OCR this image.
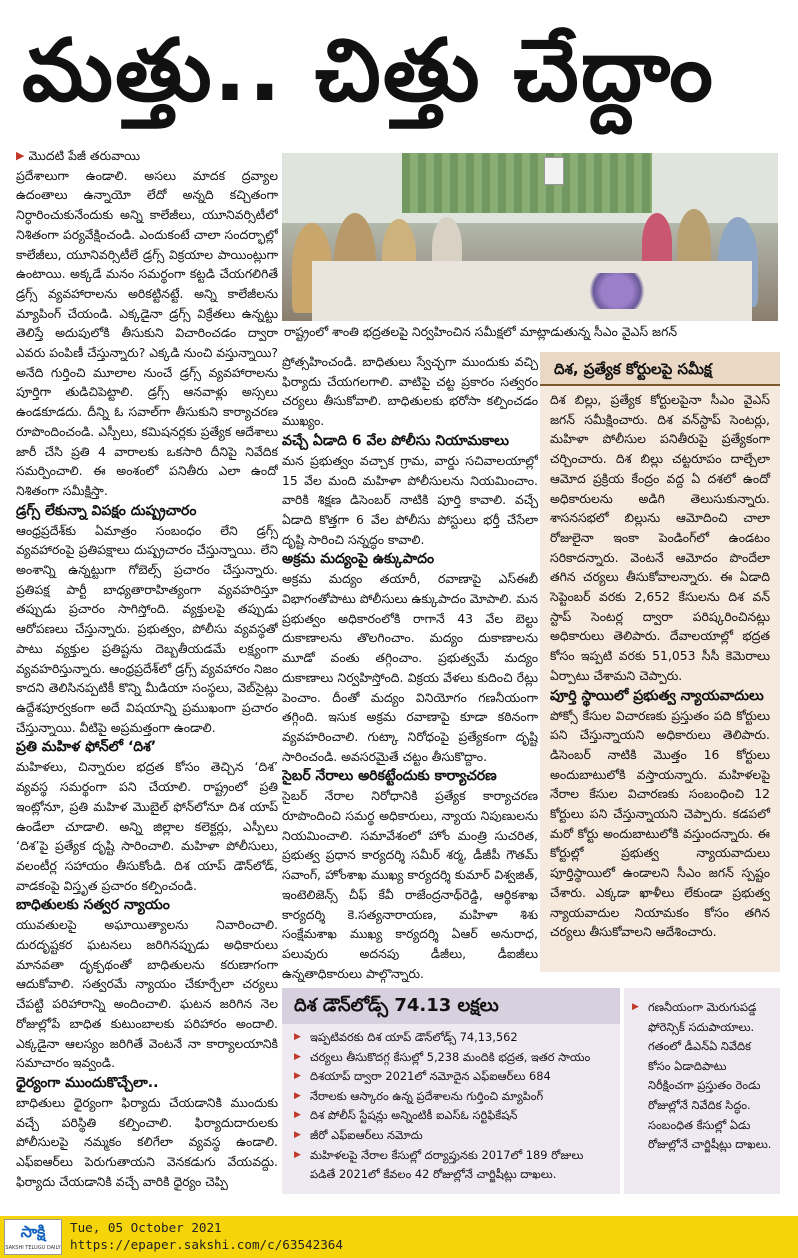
మత్తు.. చిత్తు చేద్దాం
▶ మొదటి పేజీ తరువాయి

ప్రదేశాలుగా ఉండాలి. అసలు మాదక ద్రవ్యాల ఉదంతాలు ఉన్నాయో లేదో అన్నది కచ్చితంగా నిర్ధారించుకునేందుకు అన్ని కాలేజీలు, యూనివర్సిటీలో నిశితంగా పర్యవేక్షించండి. ఎందుకంటే చాలా సందర్భాల్లో కాలేజీలు, యూనివర్సిటీలే డ్రగ్స్‌ విక్రయాల పాయింట్లుగా ఉంటాయి. అక్కడే మనం సమర్థంగా కట్టడి చేయగలిగితే డ్రగ్స్‌ వ్యవహారాలను అరికట్టినట్టే. అన్ని కాలేజీలను మ్యాపింగ్‌ చేయండి. ఎక్కడైనా డ్రగ్స్‌ విక్రేతలు ఉన్నట్టు తెలిస్తే అదుపులోకి తీసుకుని విచారించడం ద్వారా ఎవరు పంపిణీ చేస్తున్నారు? ఎక్కడి నుంచి వస్తున్నాయి? అనేది గుర్తించి మూలాల నుంచే డ్రగ్స్‌ వ్యవహారాలను పూర్తిగా తుడిచిపెట్టాలి. డ్రగ్స్‌ ఆనవాళ్లు అస్సలు ఉండకూడదు. దీన్ని ఓ సవాల్‌గా తీసుకుని కార్యాచరణ రూపొందించండి. ఎస్పీలు, కమిషనర్లకు ప్రత్యేక ఆదేశాలు జారీ చేసి ప్రతి 4 వారాలకు ఒకసారి దీనిపై నివేదిక సమర్పించాలి. ఈ అంశంలో పనితీరు ఎలా ఉందో నిశితంగా సమీక్షిస్తా.

డ్రగ్స్‌ లేకున్నా విపక్షం దుష్ప్రచారం

ఆంధ్రప్రదేశ్‌కు ఏమాత్రం సంబంధం లేని డ్రగ్స్‌ వ్యవహారంపై ప్రతిపక్షాలు దుష్ప్రచారం చేస్తున్నాయి. లేని అంశాన్ని ఉన్నట్టుగా గోబెల్స్‌ ప్రచారం చేస్తున్నారు. ప్రతిపక్ష పార్టీ బాధ్యతారాహిత్యంగా వ్యవహరిస్తూ తప్పుడు ప్రచారం సాగిస్తోంది. వ్యక్తులపై తప్పుడు ఆరోపణలు చేస్తున్నారు. ప్రభుత్వం, పోలీసు వ్యవస్థతో పాటు వ్యక్తుల ప్రతిష్టను దెబ్బతీయడమే లక్ష్యంగా వ్యవహరిస్తున్నారు. ఆంధ్రప్రదేశ్‌లో డ్రగ్స్‌ వ్యవహారం నిజం కాదని తెలిసినప్పటికీ కొన్ని మీడియా సంస్థలు, వెబ్‌సైట్లు ఉద్దేశపూర్వకంగా అదే విషయాన్ని ప్రముఖంగా ప్రచారం చేస్తున్నాయి. వీటిపై అప్రమత్తంగా ఉండాలి.

ప్రతి మహిళ ఫోన్‌లో ‘దిశ’

మహిళలు, చిన్నారుల భద్రత కోసం తెచ్చిన ‘దిశ’ వ్యవస్థ సమర్థంగా పని చేయాలి. రాష్ట్రంలో ప్రతి ఇంట్లోనూ, ప్రతి మహిళ మొబైల్‌ ఫోన్‌లోనూ దిశ యాప్‌ ఉండేలా చూడాలి. అన్ని జిల్లాల కలెక్టర్లు, ఎస్పీలు ‘దిశ’పై ప్రత్యేక దృష్టి సారించాలి. మహిళా పోలీసులు, వలంటీర్ల సహాయం తీసుకోండి. దిశ యాప్‌ డౌన్‌లోడ్, వాడకంపై విస్తృత ప్రచారం కల్పించండి.

బాధితులకు సత్వర న్యాయం

యువతులపై అఘాయిత్యాలను నివారించాలి. దురదృష్టకర ఘటనలు జరిగినప్పుడు అధికారులు మానవతా దృక్పథంతో బాధితులను కరుణాగంగా ఆదుకోవాలి. సత్వరమే న్యాయం చేకూర్చేలా చర్యలు చేపట్టి పరిహారాన్ని అందించాలి. ఘటన జరిగిన నెల రోజుల్లోపే బాధిత కుటుంబాలకు పరిహారం అందాలి. ఎక్కడైనా ఆలస్యం జరిగితే వెంటనే నా కార్యాలయానికి సమాచారం ఇవ్వండి.

ధైర్యంగా ముందుకొచ్చేలా..

బాధితులు ధైర్యంగా ఫిర్యాదు చేయడానికి ముందుకు వచ్చే పరిస్థితి కల్పించాలి. ఫిర్యాదుదారులకు పోలీసులపై నమ్మకం కలిగేలా వ్యవస్థ ఉండాలి. ఎఫ్‌ఐఆర్‌లు పెరుగుతాయని వెనకడుగు వేయవద్దు. ఫిర్యాదు చేయడానికి వచ్చే వారికి ధైర్యం చెప్పి

రాష్ట్రంలో శాంతి భద్రతలపై నిర్వహించిన సమీక్షలో మాట్లాడుతున్న సీఎం వైఎస్‌ జగన్‌

ప్రోత్సహించండి. బాధితులు స్వేచ్ఛగా ముందుకు వచ్చి ఫిర్యాదు చేయగలగాలి. వాటిపై చట్ట ప్రకారం సత్వరం చర్యలు తీసుకోవాలి. బాధితులకు భరోసా కల్పించడం ముఖ్యం.

వచ్చే ఏడాది 6 వేల పోలీసు నియామకాలు

మన ప్రభుత్వం వచ్చాక గ్రామ, వార్డు సచివాలయాల్లో 15 వేల మంది మహిళా పోలీసులను నియమించాం. వారికి శిక్షణ డిసెంబర్‌ నాటికి పూర్తి కావాలి. వచ్చే ఏడాది కొత్తగా 6 వేల పోలీసు పోస్టులు భర్తీ చేసేలా దృష్టి సారించి సన్నద్ధం కావాలి.

అక్రమ మద్యంపై ఉక్కుపాదం

అక్రమ మద్యం తయారీ, రవాణాపై ఎస్‌ఈబీ విభాగంతోపాటు పోలీసులు ఉక్కుపాదం మోపాలి. మన ప్రభుత్వం అధికారంలోకి రాగానే 43 వేల బెల్టు దుకాణాలను తొలగించాం. మద్యం దుకాణాలను మూడో వంతు తగ్గించాం. ప్రభుత్వమే మద్యం దుకాణాలు నిర్వహిస్తోంది. విక్రయ వేళలు కుదించి రేట్లు పెంచాం. దీంతో మద్యం వినియోగం గణనీయంగా తగ్గింది. ఇసుక అక్రమ రవాణాపై కూడా కఠినంగా వ్యవహరించాలి. గుట్కా నిరోధంపై ప్రత్యేకంగా దృష్టి సారించండి. అవసరమైతే చట్టం తీసుకొద్దాం.

సైబర్‌ నేరాలు అరికట్టేందుకు కార్యాచరణ

సైబర్‌ నేరాల నిరోధానికి ప్రత్యేక కార్యాచరణ రూపొందించి సమర్థ అధికారులు, న్యాయ నిపుణులను నియమించాలి. సమావేశంలో హోం మంత్రి సుచరిత, ప్రభుత్వ ప్రధాన కార్యదర్శి సమీర్‌ శర్మ, డీజీపీ గౌతమ్‌ సవాంగ్, హోంశాఖ ముఖ్య కార్యదర్శి కుమార్‌ విశ్వజిత్, ఇంటెలిజెన్స్‌ చీఫ్‌ కేవీ రాజేంద్రనాథ్‌రెడ్డి, ఆర్థికశాఖ కార్యదర్శి కె.సత్యనారాయణ, మహిళా శిశు సంక్షేమశాఖ ముఖ్య కార్యదర్శి ఏఆర్‌ అనురాధ, పలువురు అదనపు డీజీలు, డీఐజీలు ఉన్నతాధికారులు పాల్గొన్నారు.

దిశ, ప్రత్యేక కోర్టులపై సమీక్ష

దిశ బిల్లు, ప్రత్యేక కోర్టులపైనా సీఎం వైఎస్‌ జగన్‌ సమీక్షించారు. దిశ వన్‌స్టాప్‌ సెంటర్లు, మహిళా పోలీసుల పనితీరుపై ప్రత్యేకంగా చర్చించారు. దిశ బిల్లు చట్టరూపం దాల్చేలా ఆమోద ప్రక్రియ కేంద్రం వద్ద ఏ దశలో ఉందో అధికారులను అడిగి తెలుసుకున్నారు. శాసనసభలో బిల్లును ఆమోదించి చాలా రోజులైనా ఇంకా పెండింగ్‌లో ఉండటం సరికాదన్నారు. వెంటనే ఆమోదం పొందేలా తగిన చర్యలు తీసుకోవాలన్నారు. ఈ ఏడాది సెప్టెంబర్‌ వరకు 2,652 కేసులను దిశ వన్‌ స్టాప్‌ సెంటర్ల ద్వారా పరిష్కరించినట్లు అధికారులు తెలిపారు. దేవాలయాల్లో భద్రత కోసం ఇప్పటి వరకు 51,053 సీసీ కెమెరాలు ఏర్పాటు చేశామని చెప్పారు.

పూర్తి స్థాయిలో ప్రభుత్వ న్యాయవాదులు

పోక్సో కేసుల విచారణకు ప్రస్తుతం పది కోర్టులు పని చేస్తున్నాయని అధికారులు తెలిపారు. డిసెంబర్‌ నాటికి మొత్తం 16 కోర్టులు అందుబాటులోకి వస్తాయన్నారు. మహిళలపై నేరాల కేసుల విచారణకు సంబంధించి 12 కోర్టులు పని చేస్తున్నాయని చెప్పారు. కడపలో మరో కోర్టు అందుబాటులోకి వస్తుందన్నారు. ఈ కోర్టుల్లో ప్రభుత్వ న్యాయవాదులు పూర్తిస్థాయిలో ఉండాలని సీఎం జగన్‌ స్పష్టం చేశారు. ఎక్కడా ఖాళీలు లేకుండా ప్రభుత్వ న్యాయవాదుల నియామకం కోసం తగిన చర్యలు తీసుకోవాలని ఆదేశించారు.

దిశ డౌన్‌లోడ్స్‌ 74.13 లక్షలు
▶ ఇప్పటివరకు దిశ యాప్‌ డౌన్‌లోడ్స్‌ 74,13,562
▶ చర్యలు తీసుకొదగ్గ కేసుల్లో 5,238 మందికి భద్రత, ఇతర సాయం
▶ దిశయాప్‌ ద్వారా 2021లో నమోదైన ఎఫ్‌ఐఆర్‌లు 684
▶ నేరాలకు ఆస్కారం ఉన్న ప్రదేశాలను గుర్తించి మ్యాపింగ్‌
▶ దిశ పోలీస్‌ స్టేషన్లు అన్నింటికీ ఐఎస్‌ఓ సర్టిఫికేషన్‌
▶ జీరో ఎఫ్‌ఐఆర్‌లు నమోదు
▶ మహిళలపై నేరాల కేసుల్లో దర్యాప్తునకు 2017లో 189 రోజులు
పడితే 2021లో కేవలం 42 రోజుల్లోనే చార్జిషీట్లు దాఖలు.
▶ గణనీయంగా మెరుగుపడ్డ ఫోరెన్సిక్‌ సదుపాయాలు. గతంలో డీఎన్‌ఏ నివేదిక కోసం ఏడాదిపాటు నిరీక్షించగా ప్రస్తుతం రెండు రోజుల్లోనే నివేదిక సిద్ధం. సంబంధిత కేసుల్లో ఏడు రోజుల్లోనే చార్జిషీట్లు దాఖలు.
సాక్షి
SAKSHI TELUGU DAILY
Tue, 05 October 2021
https://epaper.sakshi.com/c/63542364
